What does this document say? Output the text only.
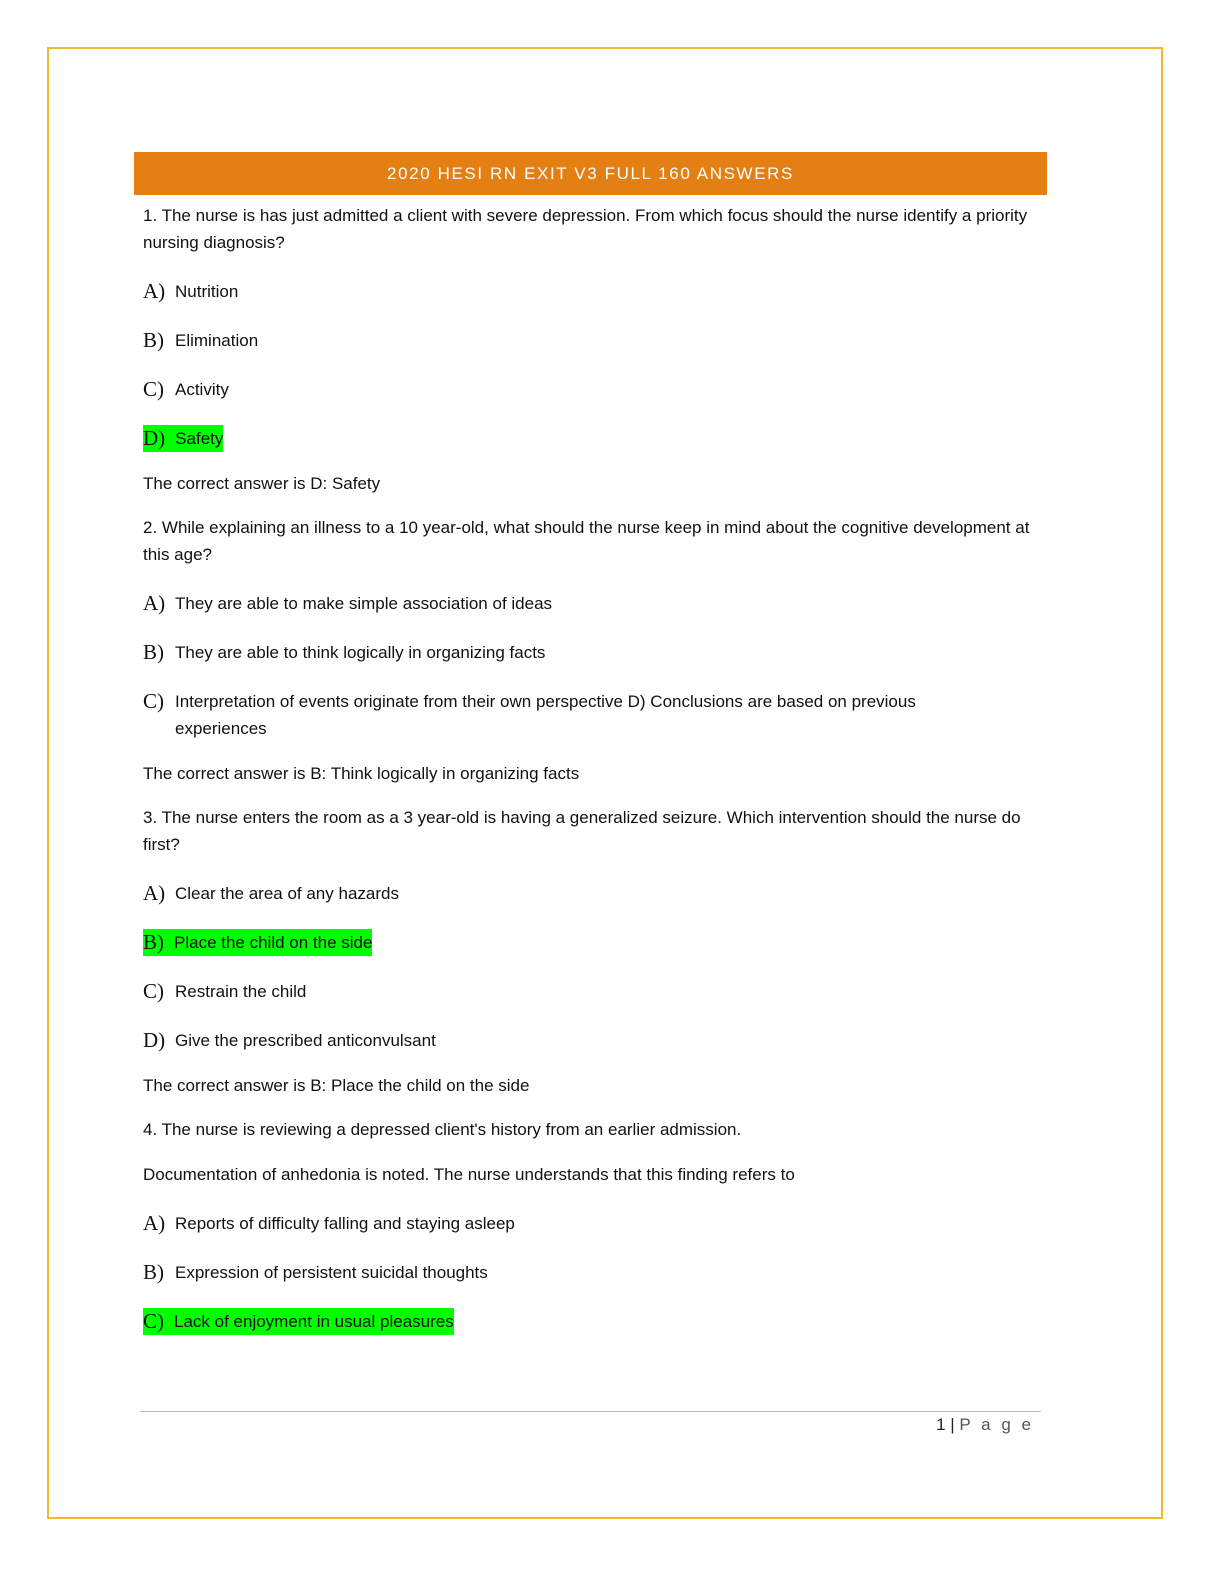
2020 HESI RN EXIT V3 FULL 160 ANSWERS

1. The nurse is has just admitted a client with severe depression. From which focus should the nurse identify a priority nursing diagnosis?

A) Nutrition
B) Elimination
C) Activity
D) Safety

The correct answer is D: Safety

2. While explaining an illness to a 10 year-old, what should the nurse keep in mind about the cognitive development at this age?

A) They are able to make simple association of ideas
B) They are able to think logically in organizing facts
C) Interpretation of events originate from their own perspective D) Conclusions are based on previous experiences

The correct answer is B: Think logically in organizing facts

3. The nurse enters the room as a 3 year-old is having a generalized seizure. Which intervention should the nurse do first?

A) Clear the area of any hazards
B) Place the child on the side
C) Restrain the child
D) Give the prescribed anticonvulsant

The correct answer is B: Place the child on the side

4. The nurse is reviewing a depressed client's history from an earlier admission.

Documentation of anhedonia is noted. The nurse understands that this finding refers to

A) Reports of difficulty falling and staying asleep
B) Expression of persistent suicidal thoughts
C) Lack of enjoyment in usual pleasures
1 | P a g e
